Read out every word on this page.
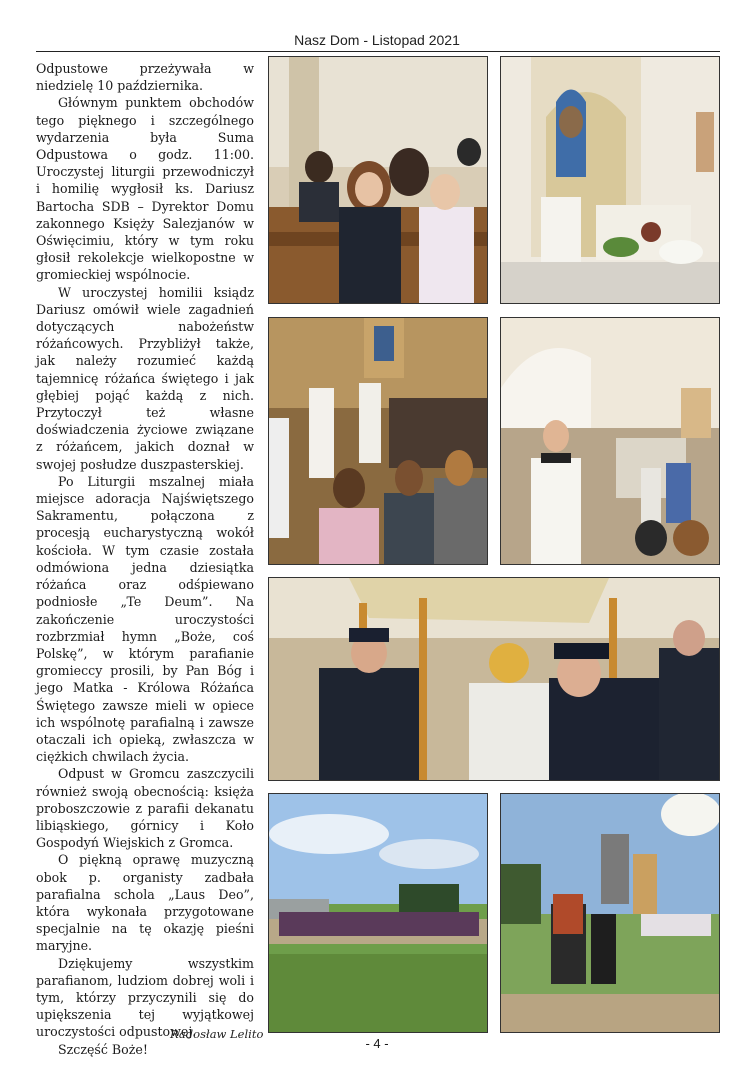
Nasz Dom - Listopad 2021

Odpustowe przeżywała w niedzielę 10 października.

Głównym punktem obchodów tego pięknego i szczególnego wydarzenia była Suma Odpustowa o godz. 11:00. Uroczystej liturgii przewodniczył i homilię wygłosił ks. Dariusz Bartocha SDB – Dyrektor Domu zakonnego Księży Salezjanów w Oświęcimiu, który w tym roku głosił rekolekcje wielkopostne w gromieckiej wspólnocie.

W uroczystej homilii ksiądz Dariusz omówił wiele zagadnień dotyczących nabożeństw różańcowych. Przybliżył także, jak należy rozumieć każdą tajemnicę różańca świętego i jak głębiej pojąć każdą z nich. Przytoczył też własne doświadczenia życiowe związane z różańcem, jakich doznał w swojej posłudze duszpasterskiej.

Po Liturgii mszalnej miała miejsce adoracja Najświętszego Sakramentu, połączona z procesją eucharystyczną wokół kościoła. W tym czasie została odmówiona jedna dziesiątka różańca oraz odśpiewano podniosłe „Te Deum”. Na zakończenie uroczystości rozbrzmiał hymn „Boże, coś Polskę”, w którym parafianie gromieccy prosili, by Pan Bóg i jego Matka - Królowa Różańca Świętego zawsze mieli w opiece ich wspólnotę parafialną i zawsze otaczali ich opieką, zwłaszcza w ciężkich chwilach życia.

Odpust w Gromcu zaszczycili również swoją obecnością: księża proboszczowie z parafii dekanatu libiąskiego, górnicy i Koło Gospodyń Wiejskich z Gromca.

O piękną oprawę muzyczną obok p. organisty zadbała parafialna schola „Laus Deo”, która wykonała przygotowane specjalnie na tę okazję pieśni maryjne.

Dziękujemy wszystkim parafianom, ludziom dobrej woli i tym, którzy przyczynili się do upiększenia tej wyjątkowej uroczystości odpustowej.

Szczęść Boże!

Radosław Lelito
- 4 -
